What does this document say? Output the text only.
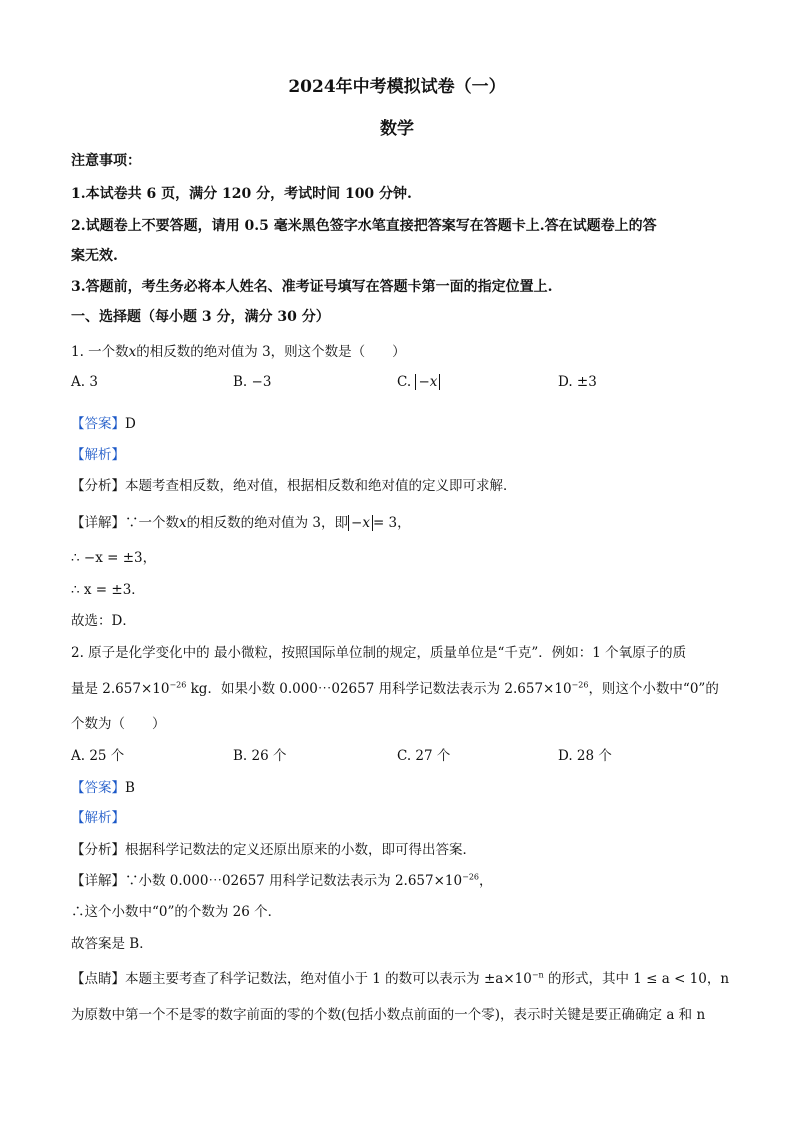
2024年中考模拟试卷（一）
数学
注意事项：
1.本试卷共 6 页，满分 120 分，考试时间 100 分钟.
2.试题卷上不要答题，请用 0.5 毫米黑色签字水笔直接把答案写在答题卡上.答在试题卷上的答
案无效.
3.答题前，考生务必将本人姓名、准考证号填写在答题卡第一面的指定位置上.
一、选择题（每小题 3 分，满分 30 分）
1. 一个数x的相反数的绝对值为 3，则这个数是（　　）
A. 3	B. −3	C. −x	D. ±3
【答案】D
【解析】
【分析】本题考查相反数，绝对值，根据相反数和绝对值的定义即可求解．
【详解】∵一个数x的相反数的绝对值为 3，即 −x = 3，
∴ −x = ±3，
∴ x = ±3．
故选：D．
2. 原子是化学变化中的 最小微粒，按照国际单位制的规定，质量单位是“千克”．例如：1 个氧原子的质
量是 $2.657\times 10^{-26}$ kg．如果小数 0.000⋯02657 用科学记数法表示为 $2.657\times 10^{-26}$，则这个小数中“0”的
个数为（　　）
A. 25 个	B. 26 个	C. 27 个	D. 28 个
【答案】B
【解析】
【分析】根据科学记数法的定义还原出原来的小数，即可得出答案．
【详解】∵小数 0.000⋯02657 用科学记数法表示为 $2.657\times 10^{-26}$，
∴这个小数中“0”的个数为 26 个．
故答案是 B．
【点睛】本题主要考查了科学记数法，绝对值小于 1 的数可以表示为 $\pm a\times 10^{-n}$ 的形式，其中 1 ≤ a < 10，n
为原数中第一个不是零的数字前面的零的个数(包括小数点前面的一个零)，表示时关键是要正确确定 a 和 n
